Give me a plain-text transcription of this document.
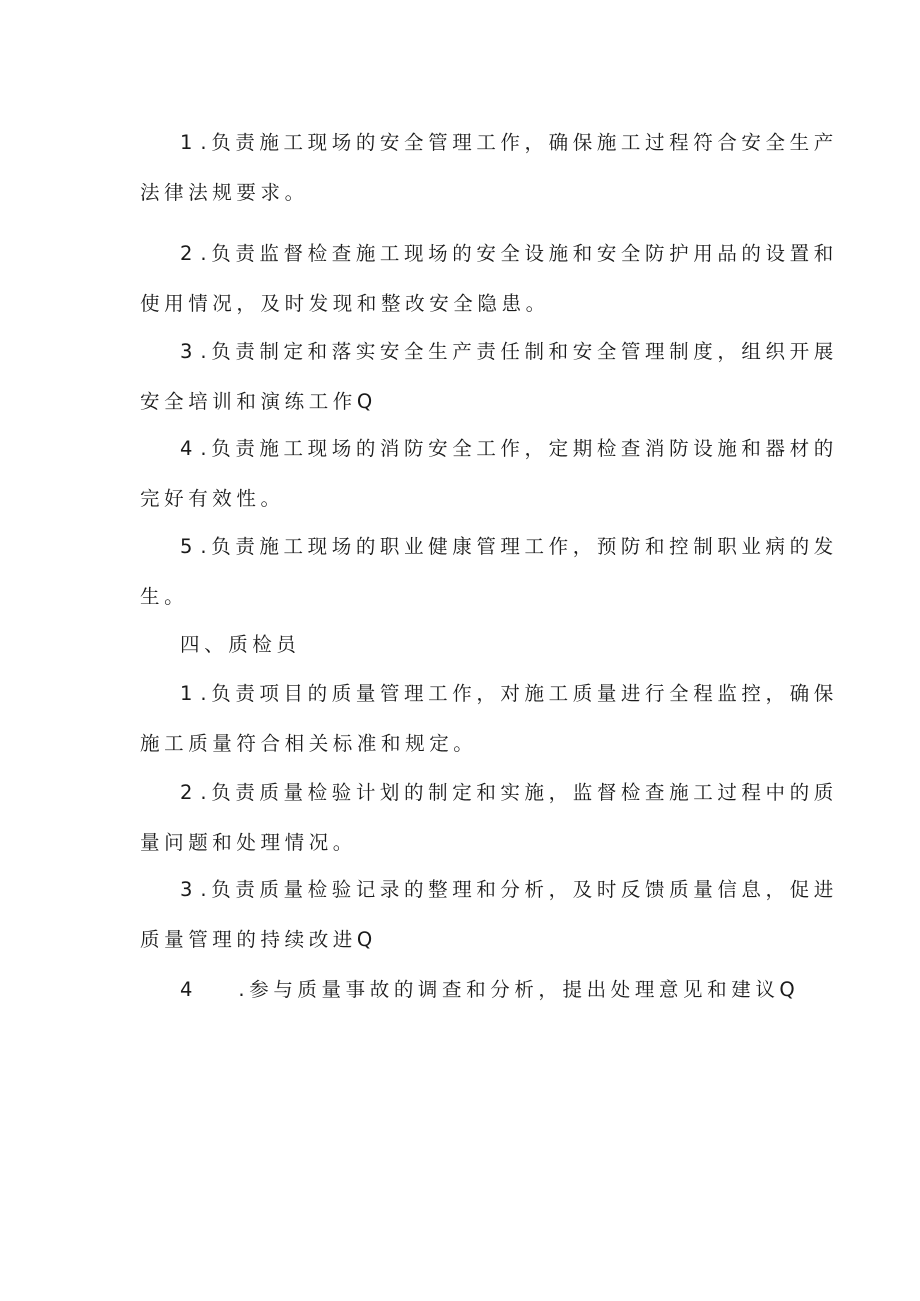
1 .负责施工现场的安全管理工作，确保施工过程符合安全生产
法律法规要求。
2 .负责监督检查施工现场的安全设施和安全防护用品的设置和
使用情况，及时发现和整改安全隐患。
3 .负责制定和落实安全生产责任制和安全管理制度，组织开展
安全培训和演练工作Q
4 .负责施工现场的消防安全工作，定期检查消防设施和器材的
完好有效性。
5 .负责施工现场的职业健康管理工作，预防和控制职业病的发
生。
四、质检员
1 .负责项目的质量管理工作，对施工质量进行全程监控，确保
施工质量符合相关标准和规定。
2 .负责质量检验计划的制定和实施，监督检查施工过程中的质
量问题和处理情况。
3 .负责质量检验记录的整理和分析，及时反馈质量信息，促进
质量管理的持续改进Q
4 .参与质量事故的调查和分析，提出处理意见和建议Q
